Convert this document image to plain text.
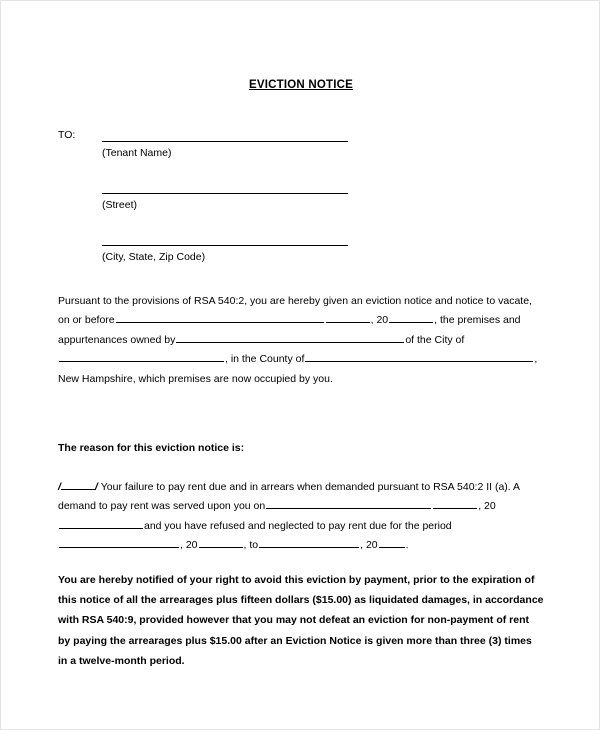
EVICTION NOTICE
TO:
(Tenant Name)
(Street)
(City, State, Zip Code)

Pursuant to the provisions of RSA 540:2, you are hereby given an eviction notice and notice to vacate, on or before	, 20	, the premises and appurtenances owned by	of the City of, in the County of	, New Hampshire, which premises are now occupied by you.

The reason for this eviction notice is:

/	/ Your failure to pay rent due and in arrears when demanded pursuant to RSA 540:2 II (a). A demand to pay rent was served upon you on	, 20and you have refused and neglected to pay rent due for the period, 20	, to	, 20	.

You are hereby notified of your right to avoid this eviction by payment, prior to the expiration of this notice of all the arrearages plus fifteen dollars ($15.00) as liquidated damages, in accordance with RSA 540:9, provided however that you may not defeat an eviction for non-payment of rent by paying the arrearages plus $15.00 after an Eviction Notice is given more than three (3) times in a twelve-month period.
